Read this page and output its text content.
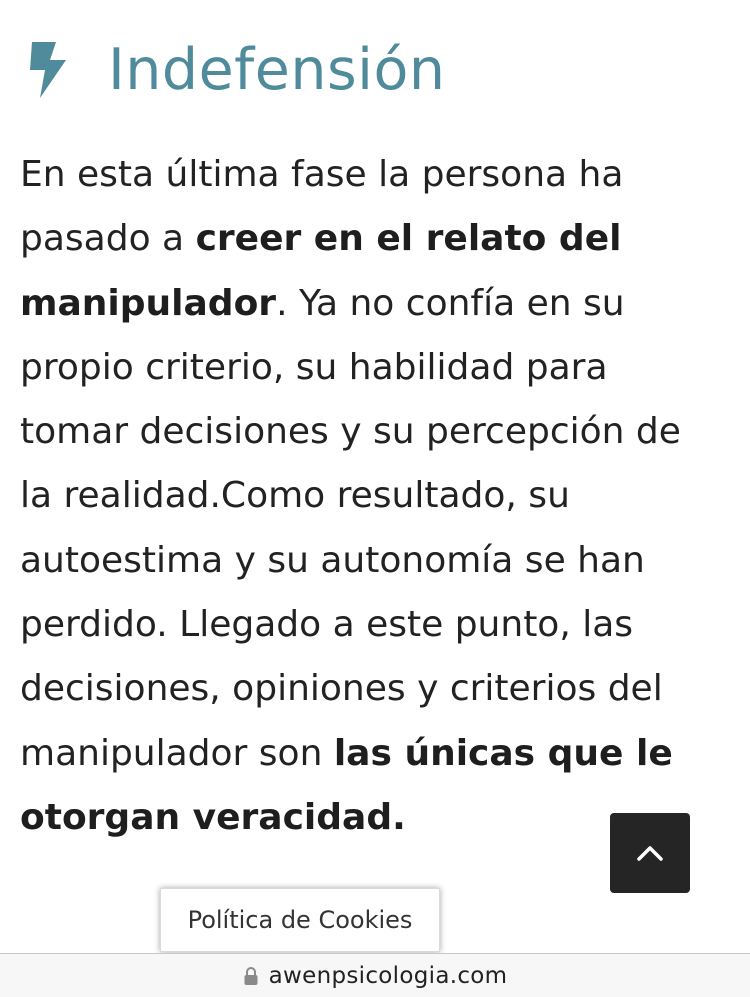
Indefensión

En esta última fase la persona ha
pasado a creer en el relato del
manipulador. Ya no confía en su
propio criterio, su habilidad para
tomar decisiones y su percepción de
la realidad.Como resultado, su
autoestima y su autonomía se han
perdido. Llegado a este punto, las
decisiones, opiniones y criterios del
manipulador son las únicas que le
otorgan veracidad.

Política de Cookies
awenpsicologia.com
